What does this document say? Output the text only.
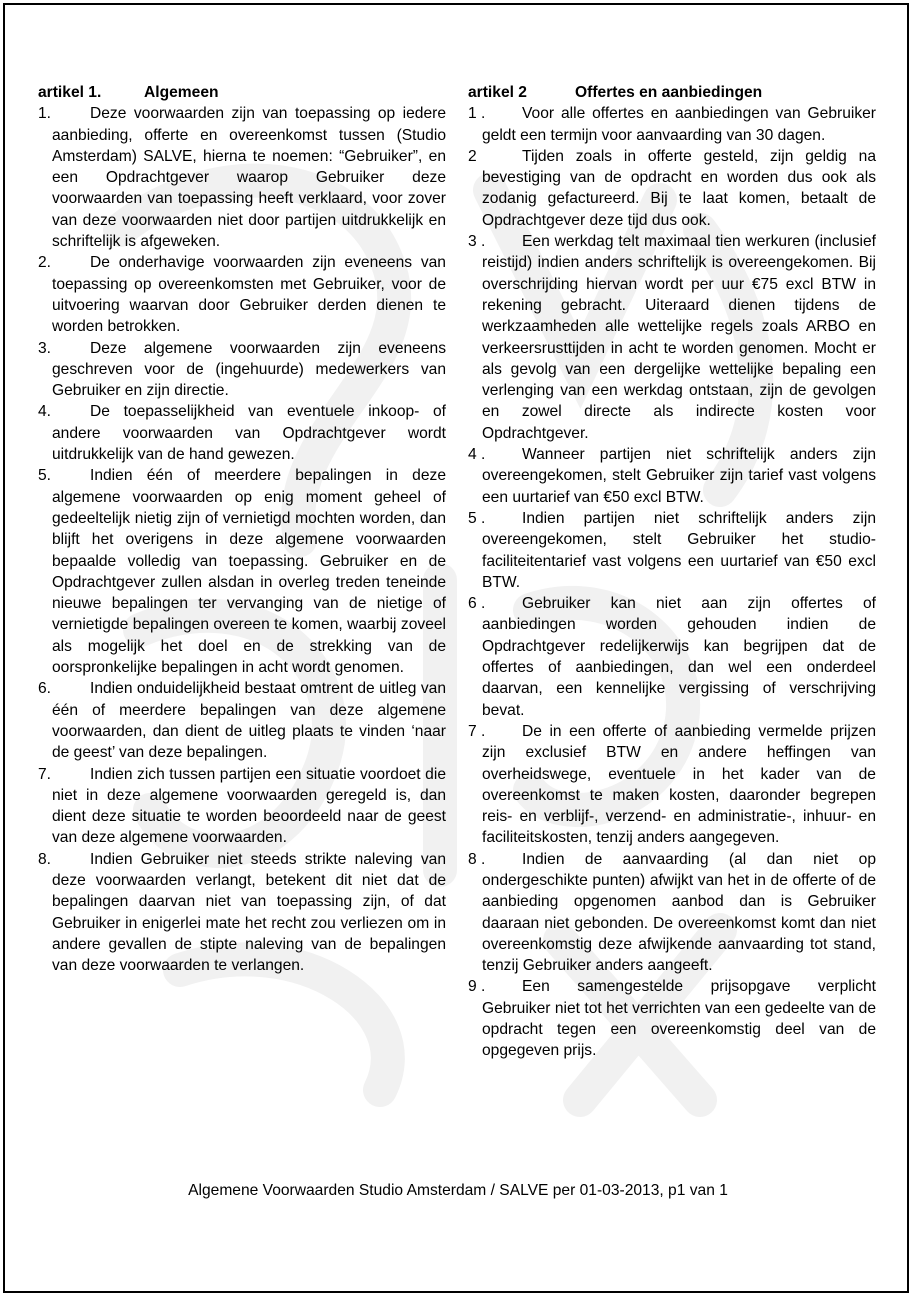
artikel 1.	Algemeen

1. Deze voorwaarden zijn van toepassing op iedere aanbieding, offerte en overeenkomst tussen (Studio Amsterdam) SALVE, hierna te noemen: “Gebruiker”, en een Opdrachtgever waarop Gebruiker deze voorwaarden van toepassing heeft verklaard, voor zover van deze voorwaarden niet door partijen uitdrukkelijk en schriftelijk is afgeweken.

2. De onderhavige voorwaarden zijn eveneens van toepassing op overeenkomsten met Gebruiker, voor de uitvoering waarvan door Gebruiker derden dienen te worden betrokken.

3. Deze algemene voorwaarden zijn eveneens geschreven voor de (ingehuurde) medewerkers van Gebruiker en zijn directie.

4. De toepasselijkheid van eventuele inkoop- of andere voorwaarden van Opdrachtgever wordt uitdrukkelijk van de hand gewezen.

5. Indien één of meerdere bepalingen in deze algemene voorwaarden op enig moment geheel of gedeeltelijk nietig zijn of vernietigd mochten worden, dan blijft het overigens in deze algemene voorwaarden bepaalde volledig van toepassing. Gebruiker en de Opdrachtgever zullen alsdan in overleg treden teneinde nieuwe bepalingen ter vervanging van de nietige of vernietigde bepalingen overeen te komen, waarbij zoveel als mogelijk het doel en de strekking van de oorspronkelijke bepalingen in acht wordt genomen.

6. Indien onduidelijkheid bestaat omtrent de uitleg van één of meerdere bepalingen van deze algemene voorwaarden, dan dient de uitleg plaats te vinden ‘naar de geest’ van deze bepalingen.

7. Indien zich tussen partijen een situatie voordoet die niet in deze algemene voorwaarden geregeld is, dan dient deze situatie te worden beoordeeld naar de geest van deze algemene voorwaarden.

8. Indien Gebruiker niet steeds strikte naleving van deze voorwaarden verlangt, betekent dit niet dat de bepalingen daarvan niet van toepassing zijn, of dat Gebruiker in enigerlei mate het recht zou verliezen om in andere gevallen de stipte naleving van de bepalingen van deze voorwaarden te verlangen.

artikel 2	Offertes en aanbiedingen

1 . Voor alle offertes en aanbiedingen van Gebruiker geldt een termijn voor aanvaarding van 30 dagen.

2	Tijden zoals in offerte gesteld, zijn geldig na bevestiging van de opdracht en worden dus ook als zodanig gefactureerd. Bij te laat komen, betaalt de Opdrachtgever deze tijd dus ook.

3 . Een werkdag telt maximaal tien werkuren (inclusief reistijd) indien anders schriftelijk is overeengekomen. Bij overschrijding hiervan wordt per uur €75 excl BTW in rekening gebracht. Uiteraard dienen tijdens de werkzaamheden alle wettelijke regels zoals ARBO en verkeersrusttijden in acht te worden genomen. Mocht er als gevolg van een dergelijke wettelijke bepaling een verlenging van een werkdag ontstaan, zijn de gevolgen en zowel directe als indirecte kosten voor Opdrachtgever.

4 . Wanneer partijen niet schriftelijk anders zijn overeengekomen, stelt Gebruiker zijn tarief vast volgens een uurtarief van €50 excl BTW.

5 . Indien partijen niet schriftelijk anders zijn overeengekomen, stelt Gebruiker het studio-faciliteitentarief vast volgens een uurtarief van €50 excl BTW.

6 . Gebruiker kan niet aan zijn offertes of aanbiedingen worden gehouden indien de Opdrachtgever redelijkerwijs kan begrijpen dat de offertes of aanbiedingen, dan wel een onderdeel daarvan, een kennelijke vergissing of verschrijving bevat.

7 . De in een offerte of aanbieding vermelde prijzen zijn exclusief BTW en andere heffingen van overheidswege, eventuele in het kader van de overeenkomst te maken kosten, daaronder begrepen reis- en verblijf-, verzend- en administratie-, inhuur- en faciliteitskosten, tenzij anders aangegeven.

8 . Indien de aanvaarding (al dan niet op ondergeschikte punten) afwijkt van het in de offerte of de aanbieding opgenomen aanbod dan is Gebruiker daaraan niet gebonden. De overeenkomst komt dan niet overeenkomstig deze afwijkende aanvaarding tot stand, tenzij Gebruiker anders aangeeft.

9 . Een samengestelde prijsopgave verplicht Gebruiker niet tot het verrichten van een gedeelte van de opdracht tegen een overeenkomstig deel van de opgegeven prijs.

Algemene Voorwaarden Studio Amsterdam / SALVE per 01-03-2013, p1 van 1
